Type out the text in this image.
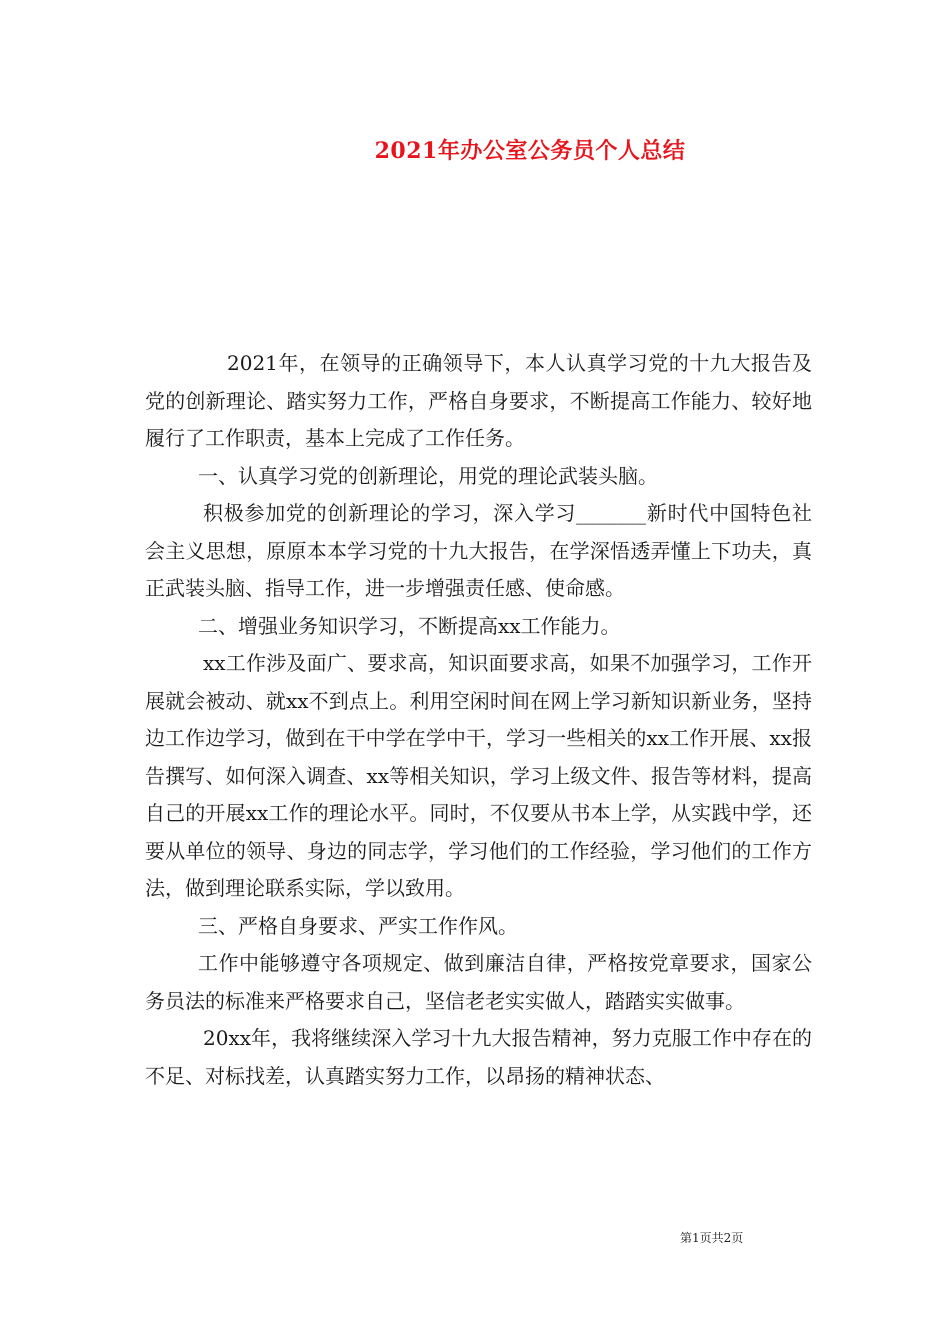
2021年办公室公务员个人总结

2021年，在领导的正确领导下，本人认真学习党的十九大报告及党的创新理论、踏实努力工作，严格自身要求，不断提高工作能力、较好地履行了工作职责，基本上完成了工作任务。

一、认真学习党的创新理论，用党的理论武装头脑。

积极参加党的创新理论的学习，深入学习_______新时代中国特色社会主义思想，原原本本学习党的十九大报告，在学深悟透弄懂上下功夫，真正武装头脑、指导工作，进一步增强责任感、使命感。

二、增强业务知识学习，不断提高xx工作能力。

xx工作涉及面广、要求高，知识面要求高，如果不加强学习，工作开展就会被动、就xx不到点上。利用空闲时间在网上学习新知识新业务，坚持边工作边学习，做到在干中学在学中干，学习一些相关的xx工作开展、xx报告撰写、如何深入调查、xx等相关知识，学习上级文件、报告等材料，提高自己的开展xx工作的理论水平。同时，不仅要从书本上学，从实践中学，还要从单位的领导、身边的同志学，学习他们的工作经验，学习他们的工作方法，做到理论联系实际，学以致用。

三、严格自身要求、严实工作作风。

工作中能够遵守各项规定、做到廉洁自律，严格按党章要求，国家公务员法的标准来严格要求自己，坚信老老实实做人，踏踏实实做事。

20xx年，我将继续深入学习十九大报告精神，努力克服工作中存在的不足、对标找差，认真踏实努力工作，以昂扬的精神状态、

第1页共2页
